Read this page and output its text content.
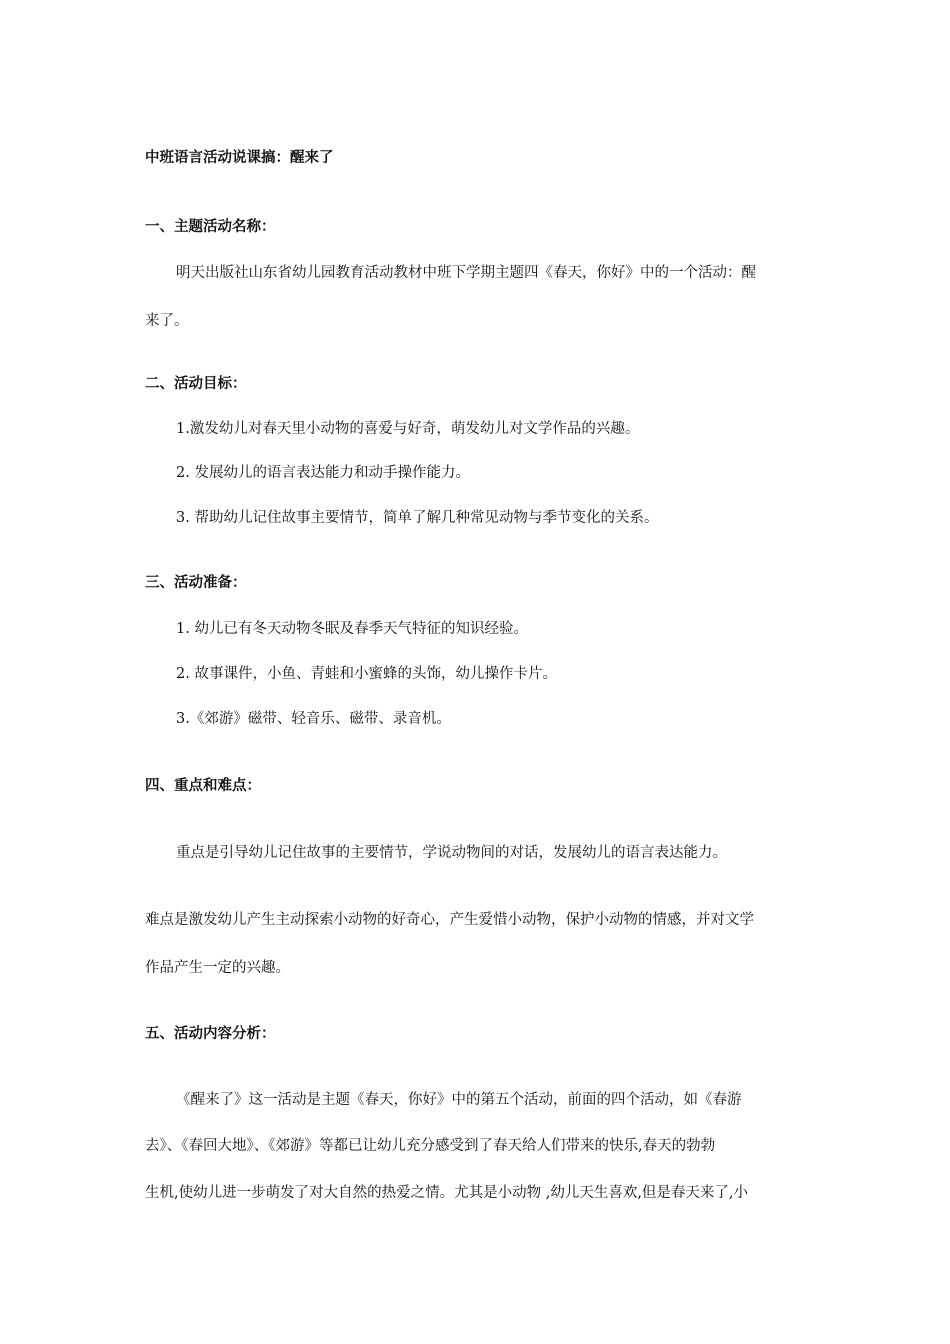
中班语言活动说课搞：醒来了
一、主题活动名称：
明天出版社山东省幼儿园教育活动教材中班下学期主题四《春天，你好》中的一个活动：醒
来了。
二、活动目标：
1.激发幼儿对春天里小动物的喜爱与好奇，萌发幼儿对文学作品的兴趣。
2. 发展幼儿的语言表达能力和动手操作能力。
3. 帮助幼儿记住故事主要情节，简单了解几种常见动物与季节变化的关系。
三、活动准备：
1. 幼儿已有冬天动物冬眠及春季天气特征的知识经验。
2. 故事课件，小鱼、青蛙和小蜜蜂的头饰，幼儿操作卡片。
3.《郊游》磁带、轻音乐、磁带、录音机。
四、重点和难点：
重点是引导幼儿记住故事的主要情节，学说动物间的对话，发展幼儿的语言表达能力。
难点是激发幼儿产生主动探索小动物的好奇心，产生爱惜小动物，保护小动物的情感，并对文学
作品产生一定的兴趣。
五、活动内容分析：
《醒来了》这一活动是主题《春天，你好》中的第五个活动，前面的四个活动，如《春游
去》、《春回大地》、《郊游》等都已让幼儿充分感受到了春天给人们带来的快乐,春天的勃勃
生机,使幼儿进一步萌发了对大自然的热爱之情。尤其是小动物 ,幼儿天生喜欢,但是春天来了,小
